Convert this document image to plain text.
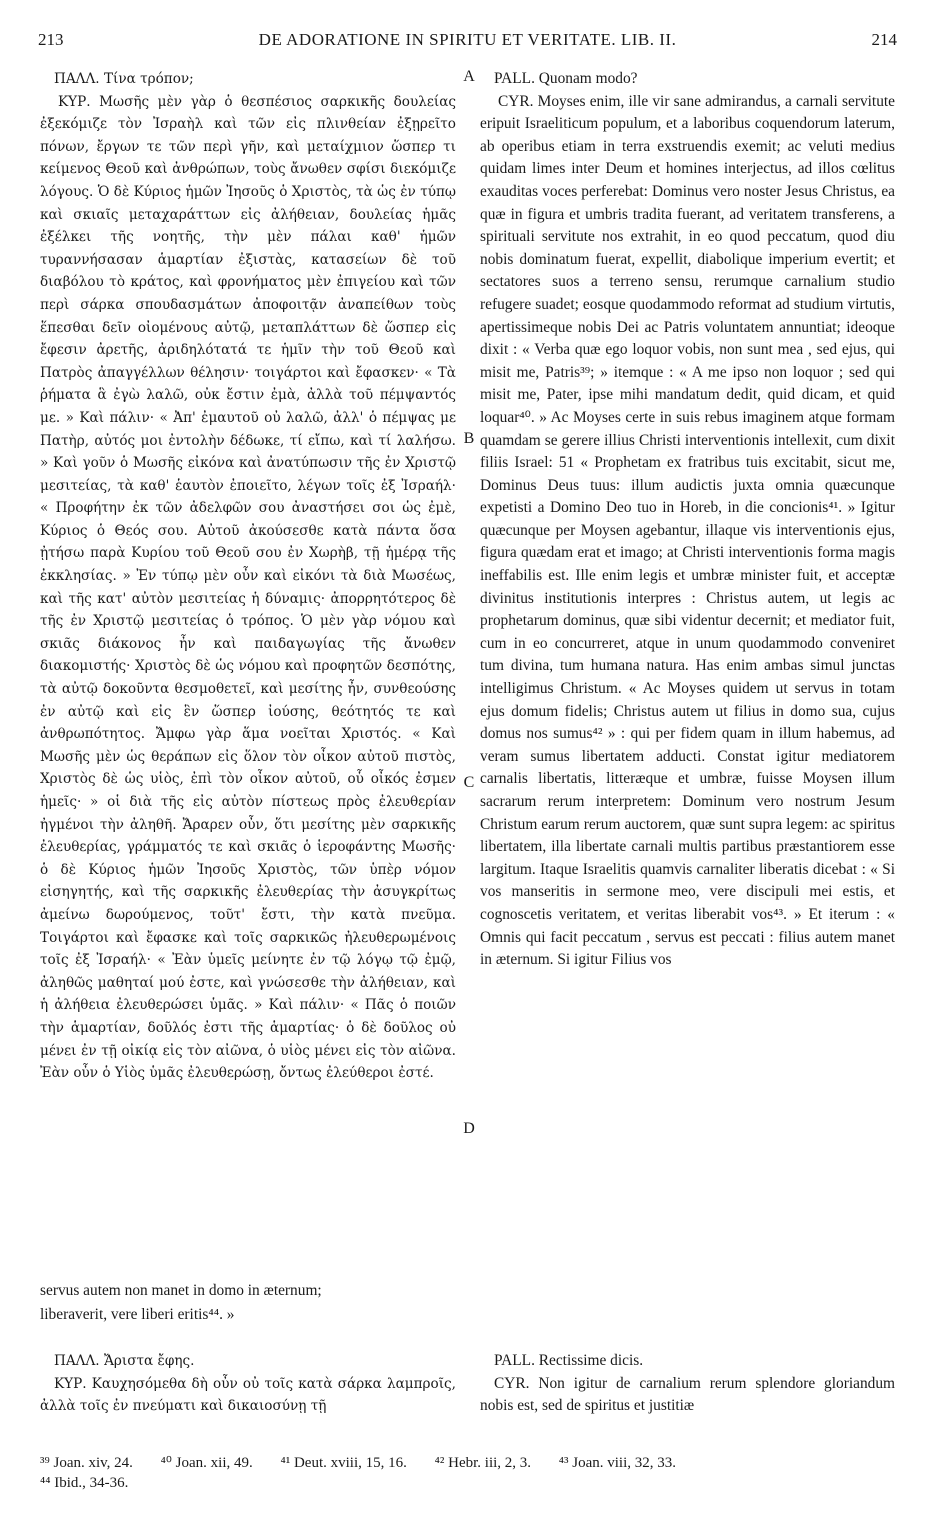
213	DE ADORATIONE IN SPIRITU ET VERITATE. LIB. II.	214

ΠΑΛΛ. Τίνα τρόπον;

ΚΥΡ. Μωσῆς μὲν γὰρ ὁ θεσπέσιος σαρκικῆς δουλείας ἐξεκόμιζε τὸν Ἰσραὴλ καὶ τῶν εἰς πλινθείαν ἐξῃρεῖτο πόνων, ἔργων τε τῶν περὶ γῆν, καὶ μεταίχμιον ὥσπερ τι κείμενος Θεοῦ καὶ ἀνθρώπων, τοὺς ἄνωθεν σφίσι διεκόμιζε λόγους. Ὁ δὲ Κύριος ἡμῶν Ἰησοῦς ὁ Χριστὸς, τὰ ὡς ἐν τύπῳ καὶ σκιαῖς μεταχαράττων εἰς ἀλήθειαν, δουλείας ἡμᾶς ἐξέλκει τῆς νοητῆς, τὴν μὲν πάλαι καθ' ἡμῶν τυραννήσασαν ἁμαρτίαν ἐξιστὰς, κατασείων δὲ τοῦ διαβόλου τὸ κράτος, καὶ φρονήματος μὲν ἐπιγείου καὶ τῶν περὶ σάρκα σπουδασμάτων ἀποφοιτᾷν ἀναπείθων τοὺς ἕπεσθαι δεῖν οἰομένους αὐτῷ, μεταπλάττων δὲ ὥσπερ εἰς ἔφεσιν ἀρετῆς, ἀριδηλότατά τε ἡμῖν τὴν τοῦ Θεοῦ καὶ Πατρὸς ἀπαγγέλλων θέλησιν· τοιγάρτοι καὶ ἔφασκεν· « Τὰ ῥήματα ἃ ἐγὼ λαλῶ, οὐκ ἔστιν ἐμὰ, ἀλλὰ τοῦ πέμψαντός με. » Καὶ πάλιν· « Ἀπ' ἐμαυτοῦ οὐ λαλῶ, ἀλλ' ὁ πέμψας με Πατὴρ, αὐτός μοι ἐντολὴν δέδωκε, τί εἴπω, καὶ τί λαλήσω. » Καὶ γοῦν ὁ Μωσῆς εἰκόνα καὶ ἀνατύπωσιν τῆς ἐν Χριστῷ μεσιτείας, τὰ καθ' ἑαυτὸν ἐποιεῖτο, λέγων τοῖς ἐξ Ἰσραήλ· « Προφήτην ἐκ τῶν ἀδελφῶν σου ἀναστήσει σοι ὡς ἐμὲ, Κύριος ὁ Θεός σου. Αὐτοῦ ἀκούσεσθε κατὰ πάντα ὅσα ᾐτήσω παρὰ Κυρίου τοῦ Θεοῦ σου ἐν Χωρὴβ, τῇ ἡμέρᾳ τῆς ἐκκλησίας. » Ἐν τύπῳ μὲν οὖν καὶ εἰκόνι τὰ διὰ Μωσέως, καὶ τῆς κατ' αὐτὸν μεσιτείας ἡ δύναμις· ἀπορρητότερος δὲ τῆς ἐν Χριστῷ μεσιτείας ὁ τρόπος. Ὁ μὲν γὰρ νόμου καὶ σκιᾶς διάκονος ἦν καὶ παιδαγωγίας τῆς ἄνωθεν διακομιστής· Χριστὸς δὲ ὡς νόμου καὶ προφητῶν δεσπότης, τὰ αὐτῷ δοκοῦντα θεσμοθετεῖ, καὶ μεσίτης ἦν, συνθεούσης ἐν αὐτῷ καὶ εἰς ἓν ὥσπερ ἰούσης, θεότητός τε καὶ ἀνθρωπότητος. Ἄμφω γὰρ ἅμα νοεῖται Χριστός. « Καὶ Μωσῆς μὲν ὡς θεράπων εἰς ὅλον τὸν οἶκον αὐτοῦ πιστὸς, Χριστὸς δὲ ὡς υἱὸς, ἐπὶ τὸν οἶκον αὐτοῦ, οὗ οἶκός ἐσμεν ἡμεῖς· » οἱ διὰ τῆς εἰς αὐτὸν πίστεως πρὸς ἐλευθερίαν ἠγμένοι τὴν ἀληθῆ. Ἄραρεν οὖν, ὅτι μεσίτης μὲν σαρκικῆς ἐλευθερίας, γράμματός τε καὶ σκιᾶς ὁ ἱεροφάντης Μωσῆς· ὁ δὲ Κύριος ἡμῶν Ἰησοῦς Χριστὸς, τῶν ὑπὲρ νόμον εἰσηγητής, καὶ τῆς σαρκικῆς ἐλευθερίας τὴν ἀσυγκρίτως ἀμείνω δωρούμενος, τοῦτ' ἔστι, τὴν κατὰ πνεῦμα. Τοιγάρτοι καὶ ἔφασκε καὶ τοῖς σαρκικῶς ἠλευθερωμένοις τοῖς ἐξ Ἰσραήλ· « Ἐὰν ὑμεῖς μείνητε ἐν τῷ λόγῳ τῷ ἐμῷ, ἀληθῶς μαθηταί μού ἐστε, καὶ γνώσεσθε τὴν ἀλήθειαν, καὶ ἡ ἀλήθεια ἐλευθερώσει ὑμᾶς. » Καὶ πάλιν· « Πᾶς ὁ ποιῶν τὴν ἁμαρτίαν, δοῦλός ἐστι τῆς ἁμαρτίας· ὁ δὲ δοῦλος οὐ μένει ἐν τῇ οἰκίᾳ εἰς τὸν αἰῶνα, ὁ υἱὸς μένει εἰς τὸν αἰῶνα. Ἐὰν οὖν ὁ Υἱὸς ὑμᾶς ἐλευθερώσῃ, ὄντως ἐλεύθεροι ἐστέ.

A
B
C
D

PALL. Quonam modo?

CYR. Moyses enim, ille vir sane admirandus, a carnali servitute eripuit Israeliticum populum, et a laboribus coquendorum laterum, ab operibus etiam in terra exstruendis exemit; ac veluti medius quidam limes inter Deum et homines interjectus, ad illos cœlitus exauditas voces perferebat: Dominus vero noster Jesus Christus, ea quæ in figura et umbris tradita fuerant, ad veritatem transferens, a spirituali servitute nos extrahit, in eo quod peccatum, quod diu nobis dominatum fuerat, expellit, diabolique imperium evertit; et sectatores suos a terreno sensu, rerumque carnalium studio refugere suadet; eosque quodammodo reformat ad studium virtutis, apertissimeque nobis Dei ac Patris voluntatem annuntiat; ideoque dixit : « Verba quæ ego loquor vobis, non sunt mea , sed ejus, qui misit me, Patris³⁹; » itemque : « A me ipso non loquor ; sed qui misit me, Pater, ipse mihi mandatum dedit, quid dicam, et quid loquar⁴⁰. » Ac Moyses certe in suis rebus imaginem atque formam quamdam se gerere illius Christi interventionis intellexit, cum dixit filiis Israel: 51 « Prophetam ex fratribus tuis excitabit, sicut me, Dominus Deus tuus: illum audictis juxta omnia quæcunque expetisti a Domino Deo tuo in Horeb, in die concionis⁴¹. » Igitur quæcunque per Moysen agebantur, illaque vis interventionis ejus, figura quædam erat et imago; at Christi interventionis forma magis ineffabilis est. Ille enim legis et umbræ minister fuit, et acceptæ divinitus institutionis interpres : Christus autem, ut legis ac prophetarum dominus, quæ sibi videntur decernit; et mediator fuit, cum in eo concurreret, atque in unum quodammodo conveniret tum divina, tum humana natura. Has enim ambas simul junctas intelligimus Christum. « Ac Moyses quidem ut servus in totam ejus domum fidelis; Christus autem ut filius in domo sua, cujus domus nos sumus⁴² » : qui per fidem quam in illum habemus, ad veram sumus libertatem adducti. Constat igitur mediatorem carnalis libertatis, litteræque et umbræ, fuisse Moysen illum sacrarum rerum interpretem: Dominum vero nostrum Jesum Christum earum rerum auctorem, quæ sunt supra legem: ac spiritus libertatem, illa libertate carnali multis partibus præstantiorem esse largitum. Itaque Israelitis quamvis carnaliter liberatis dicebat : « Si vos manseritis in sermone meo, vere discipuli mei estis, et cognoscetis veritatem, et veritas liberabit vos⁴³. » Et iterum : « Omnis qui facit peccatum , servus est peccati : filius autem manet in æternum. Si igitur Filius vos

servus autem non manet in domo in æternum;
liberaverit, vere liberi eritis⁴⁴. »

ΠΑΛΛ. Ἄριστα ἔφης.

ΚΥΡ. Καυχησόμεθα δὴ οὖν οὐ τοῖς κατὰ σάρκα λαμπροῖς, ἀλλὰ τοῖς ἐν πνεύματι καὶ δικαιοσύνῃ τῇ

PALL. Rectissime dicis.

CYR. Non igitur de carnalium rerum splendore gloriandum nobis est, sed de spiritus et justitiæ

³⁹ Joan. xiv, 24. ⁴⁰ Joan. xii, 49. ⁴¹ Deut. xviii, 15, 16. ⁴² Hebr. iii, 2, 3. ⁴³ Joan. viii, 32, 33.
⁴⁴ Ibid., 34-36.
